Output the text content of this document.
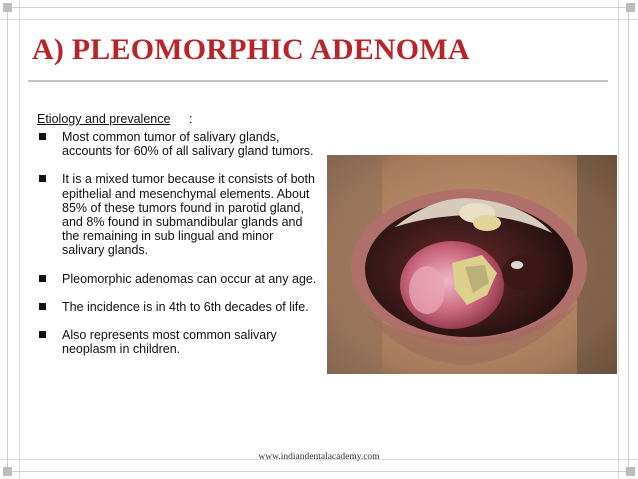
A) PLEOMORPHIC ADENOMA
Etiology and prevalence :
Most common tumor of salivary glands, accounts for 60% of all salivary gland tumors.
It is a mixed tumor because it consists of both epithelial and mesenchymal elements. About 85% of these tumors found in parotid gland, and 8% found in submandibular glands and the remaining in sub lingual and minor salivary glands.
Pleomorphic adenomas can occur at any age.
The incidence is in 4th to 6th decades of life.
Also represents most common salivary neoplasm in children.
www.indiandentalacademy.com
